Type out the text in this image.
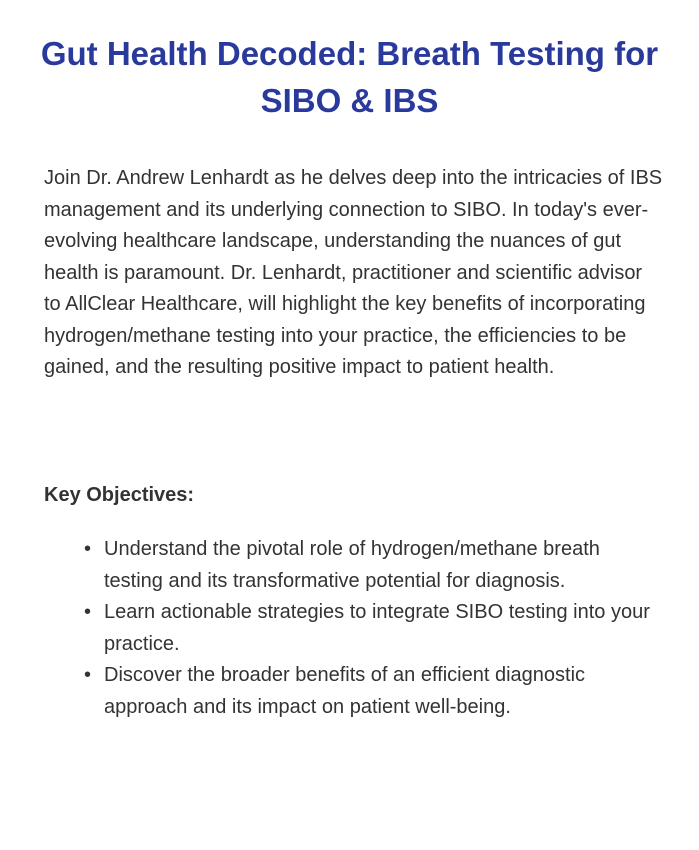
Gut Health Decoded: Breath Testing for SIBO & IBS

Join Dr. Andrew Lenhardt as he delves deep into the intricacies of IBS management and its underlying connection to SIBO. In today's ever-evolving healthcare landscape, understanding the nuances of gut health is paramount. Dr. Lenhardt, practitioner and scientific advisor to AllClear Healthcare, will highlight the key benefits of incorporating hydrogen/methane testing into your practice, the efficiencies to be gained, and the resulting positive impact to patient health.

Key Objectives:

• Understand the pivotal role of hydrogen/methane breath testing and its transformative potential for diagnosis.
• Learn actionable strategies to integrate SIBO testing into your practice.
• Discover the broader benefits of an efficient diagnostic approach and its impact on patient well-being.
